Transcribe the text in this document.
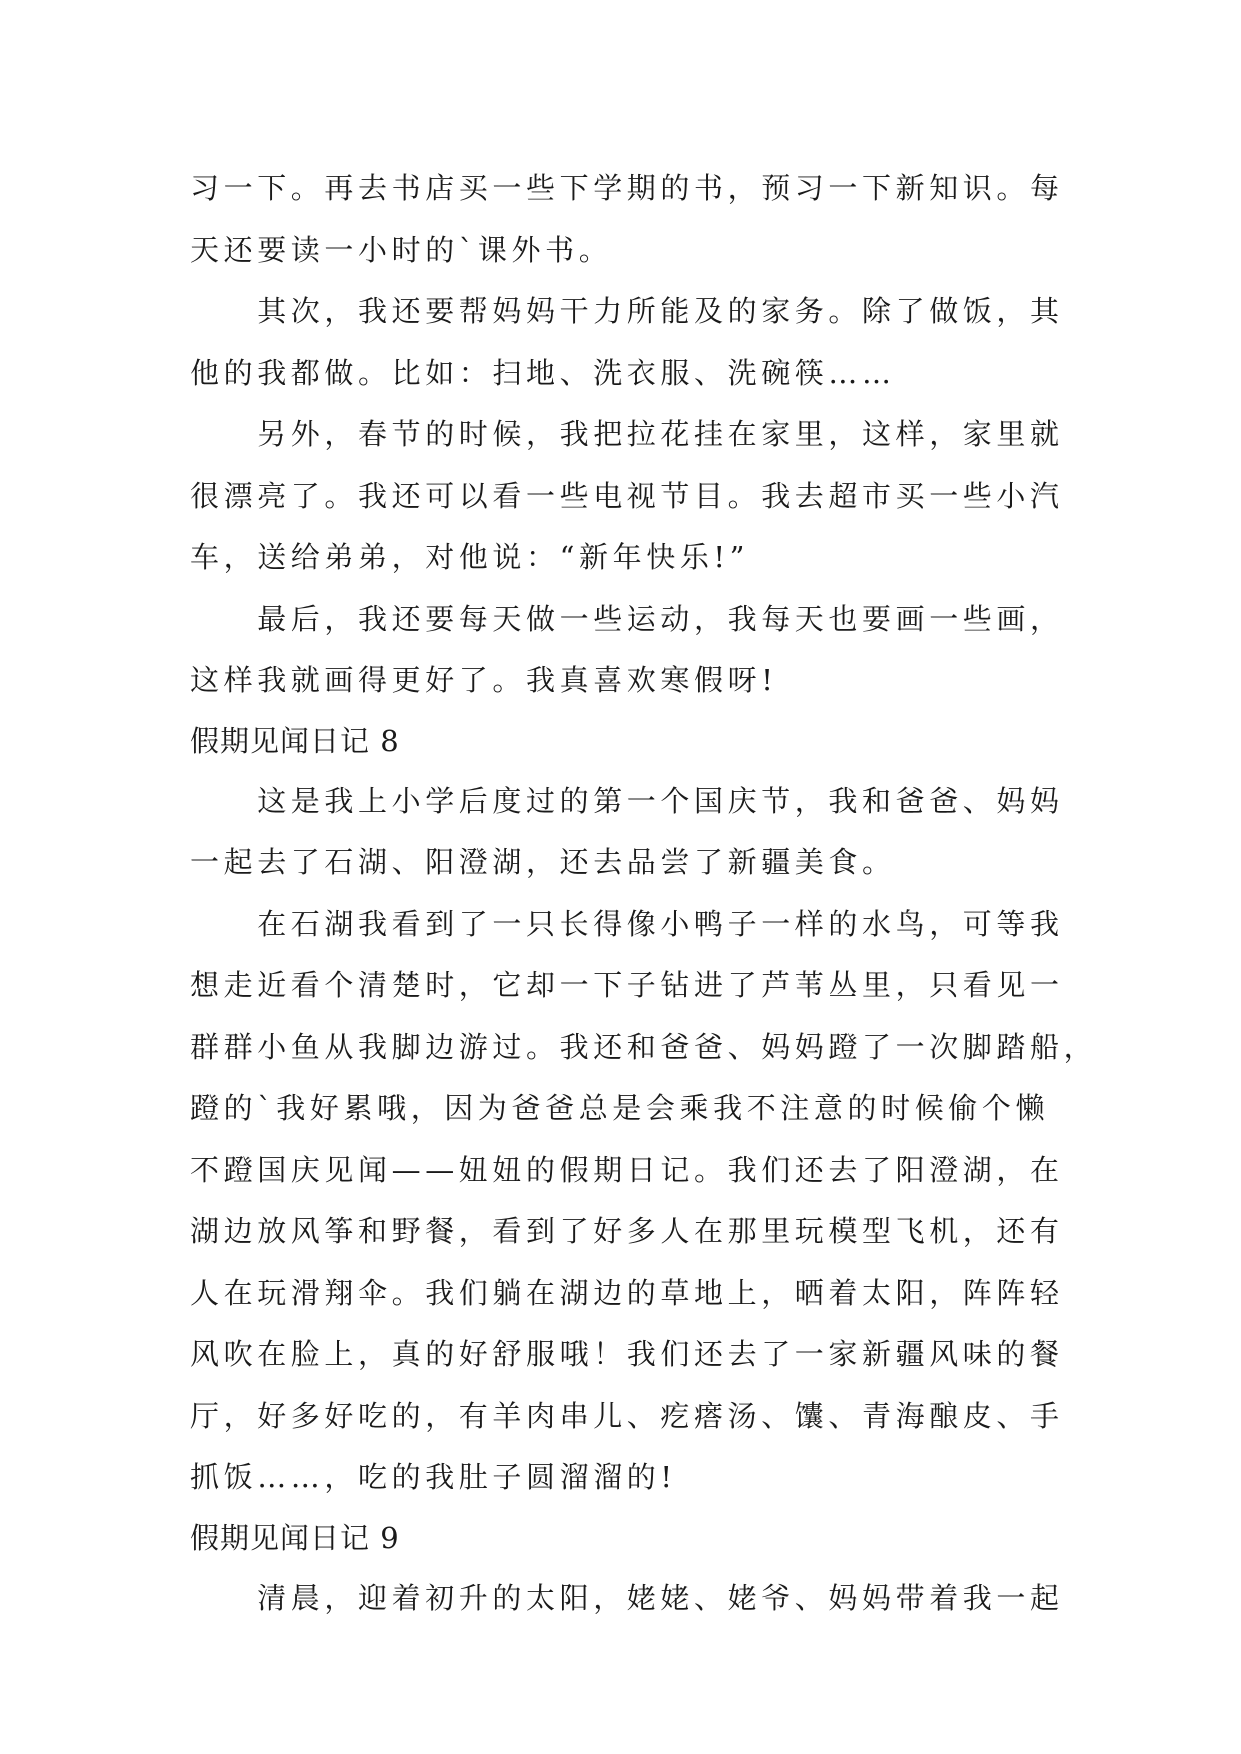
习一下。再去书店买一些下学期的书，预习一下新知识。每
天还要读一小时的`课外书。
　　其次，我还要帮妈妈干力所能及的家务。除了做饭，其
他的我都做。比如：扫地、洗衣服、洗碗筷……
　　另外，春节的时候，我把拉花挂在家里，这样，家里就
很漂亮了。我还可以看一些电视节目。我去超市买一些小汽
车，送给弟弟，对他说：“新年快乐!”
　　最后，我还要每天做一些运动，我每天也要画一些画，
这样我就画得更好了。我真喜欢寒假呀!
假期见闻日记 8
　　这是我上小学后度过的第一个国庆节，我和爸爸、妈妈
一起去了石湖、阳澄湖，还去品尝了新疆美食。
　　在石湖我看到了一只长得像小鸭子一样的水鸟，可等我
想走近看个清楚时，它却一下子钻进了芦苇丛里，只看见一
群群小鱼从我脚边游过。我还和爸爸、妈妈蹬了一次脚踏船，
蹬的`我好累哦，因为爸爸总是会乘我不注意的时候偷个懒
不蹬国庆见闻——妞妞的假期日记。我们还去了阳澄湖，在
湖边放风筝和野餐，看到了好多人在那里玩模型飞机，还有
人在玩滑翔伞。我们躺在湖边的草地上，晒着太阳，阵阵轻
风吹在脸上，真的好舒服哦！我们还去了一家新疆风味的餐
厅，好多好吃的，有羊肉串儿、疙瘩汤、馕、青海酿皮、手
抓饭……，吃的我肚子圆溜溜的!
假期见闻日记 9
　　清晨，迎着初升的太阳，姥姥、姥爷、妈妈带着我一起
